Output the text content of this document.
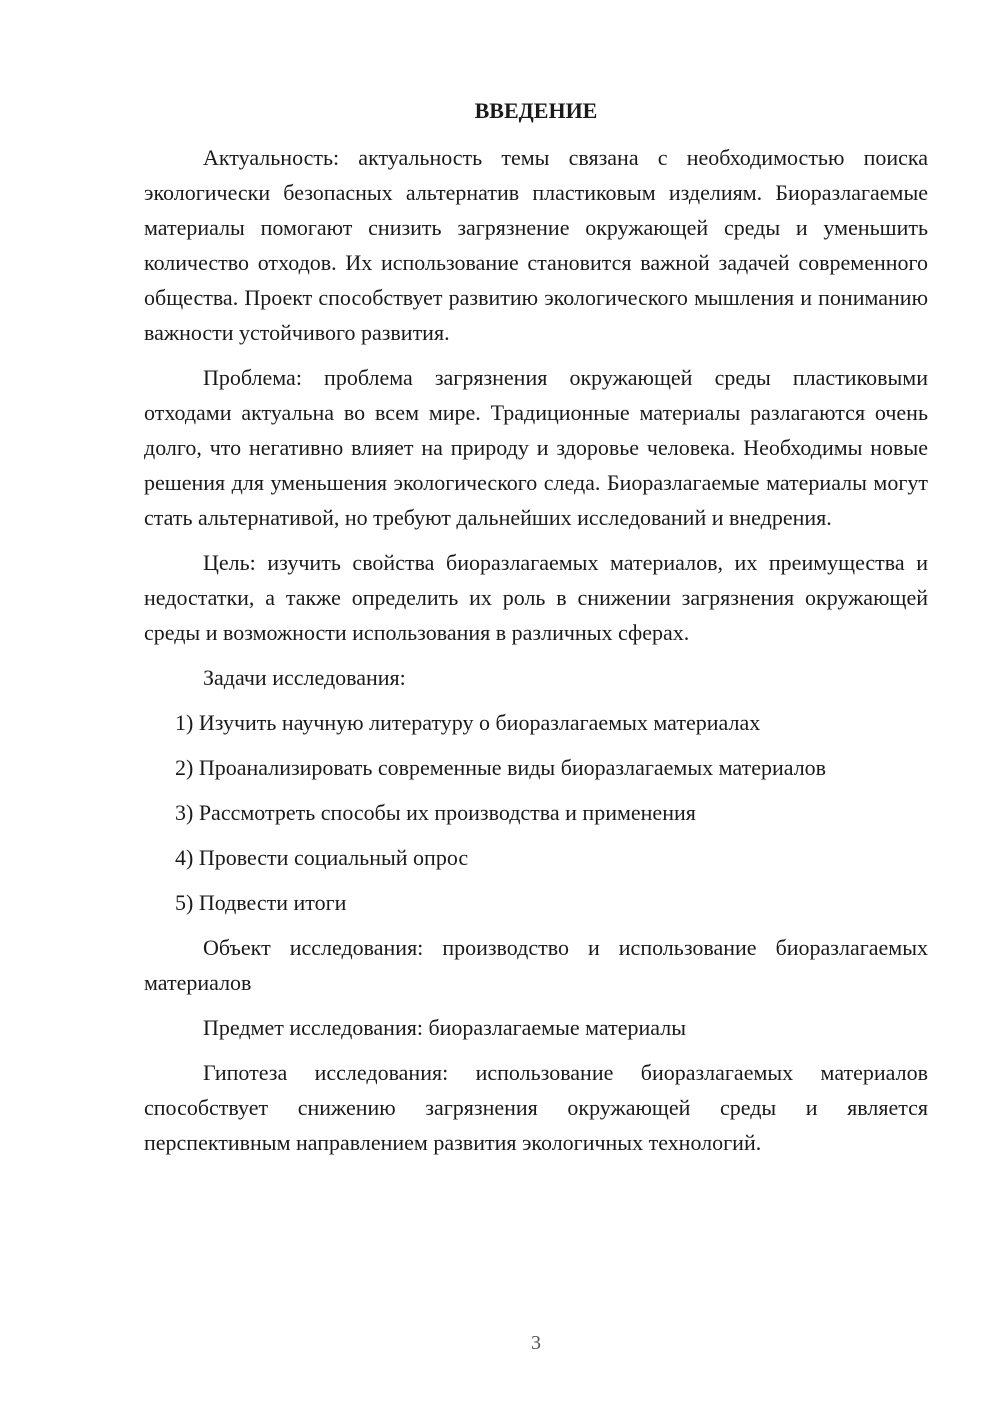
ВВЕДЕНИЕ

Актуальность: актуальность темы связана с необходимостью поиска экологически безопасных альтернатив пластиковым изделиям. Биоразлагаемые материалы помогают снизить загрязнение окружающей среды и уменьшить количество отходов. Их использование становится важной задачей современного общества. Проект способствует развитию экологического мышления и пониманию важности устойчивого развития.

Проблема: проблема загрязнения окружающей среды пластиковыми отходами актуальна во всем мире. Традиционные материалы разлагаются очень долго, что негативно влияет на природу и здоровье человека. Необходимы новые решения для уменьшения экологического следа. Биоразлагаемые материалы могут стать альтернативой, но требуют дальнейших исследований и внедрения.

Цель: изучить свойства биоразлагаемых материалов, их преимущества и недостатки, а также определить их роль в снижении загрязнения окружающей среды и возможности использования в различных сферах.

Задачи исследования:

1) Изучить научную литературу о биоразлагаемых материалах
2) Проанализировать современные виды биоразлагаемых материалов
3) Рассмотреть способы их производства и применения
4) Провести социальный опрос
5) Подвести итоги

Объект исследования: производство и использование биоразлагаемых материалов

Предмет исследования: биоразлагаемые материалы

Гипотеза исследования: использование биоразлагаемых материалов способствует снижению загрязнения окружающей среды и является перспективным направлением развития экологичных технологий.

3
